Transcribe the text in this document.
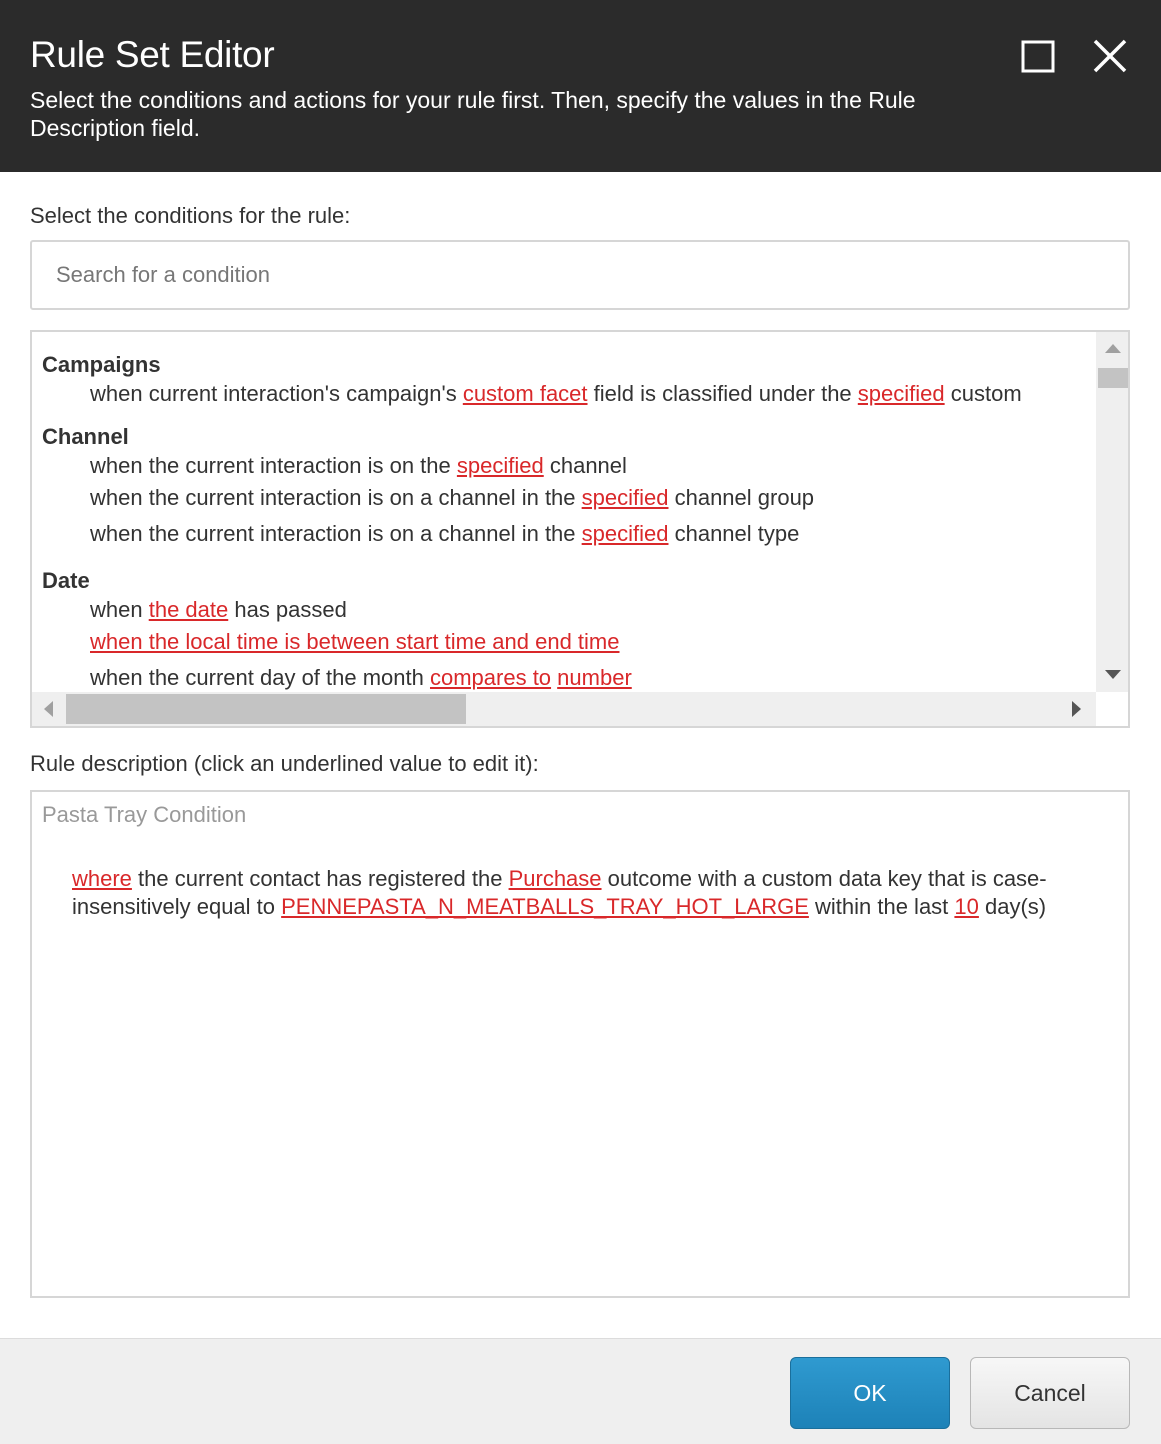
Rule Set Editor
Select the conditions and actions for your rule first. Then, specify the values in the Rule Description field.
Select the conditions for the rule:
Search for a condition
Campaigns
when current interaction's campaign's custom facet field is classified under the specified custom
Channel
when the current interaction is on the specified channel
when the current interaction is on a channel in the specified channel group
when the current interaction is on a channel in the specified channel type
Date
when the date has passed
when the local time is between start time and end time
when the current day of the month compares to number
Rule description (click an underlined value to edit it):
Pasta Tray Condition
where the current contact has registered the Purchase outcome with a custom data key that is case-insensitively equal to PENNEPASTA_N_MEATBALLS_TRAY_HOT_LARGE within the last 10 day(s)
OK	Cancel
